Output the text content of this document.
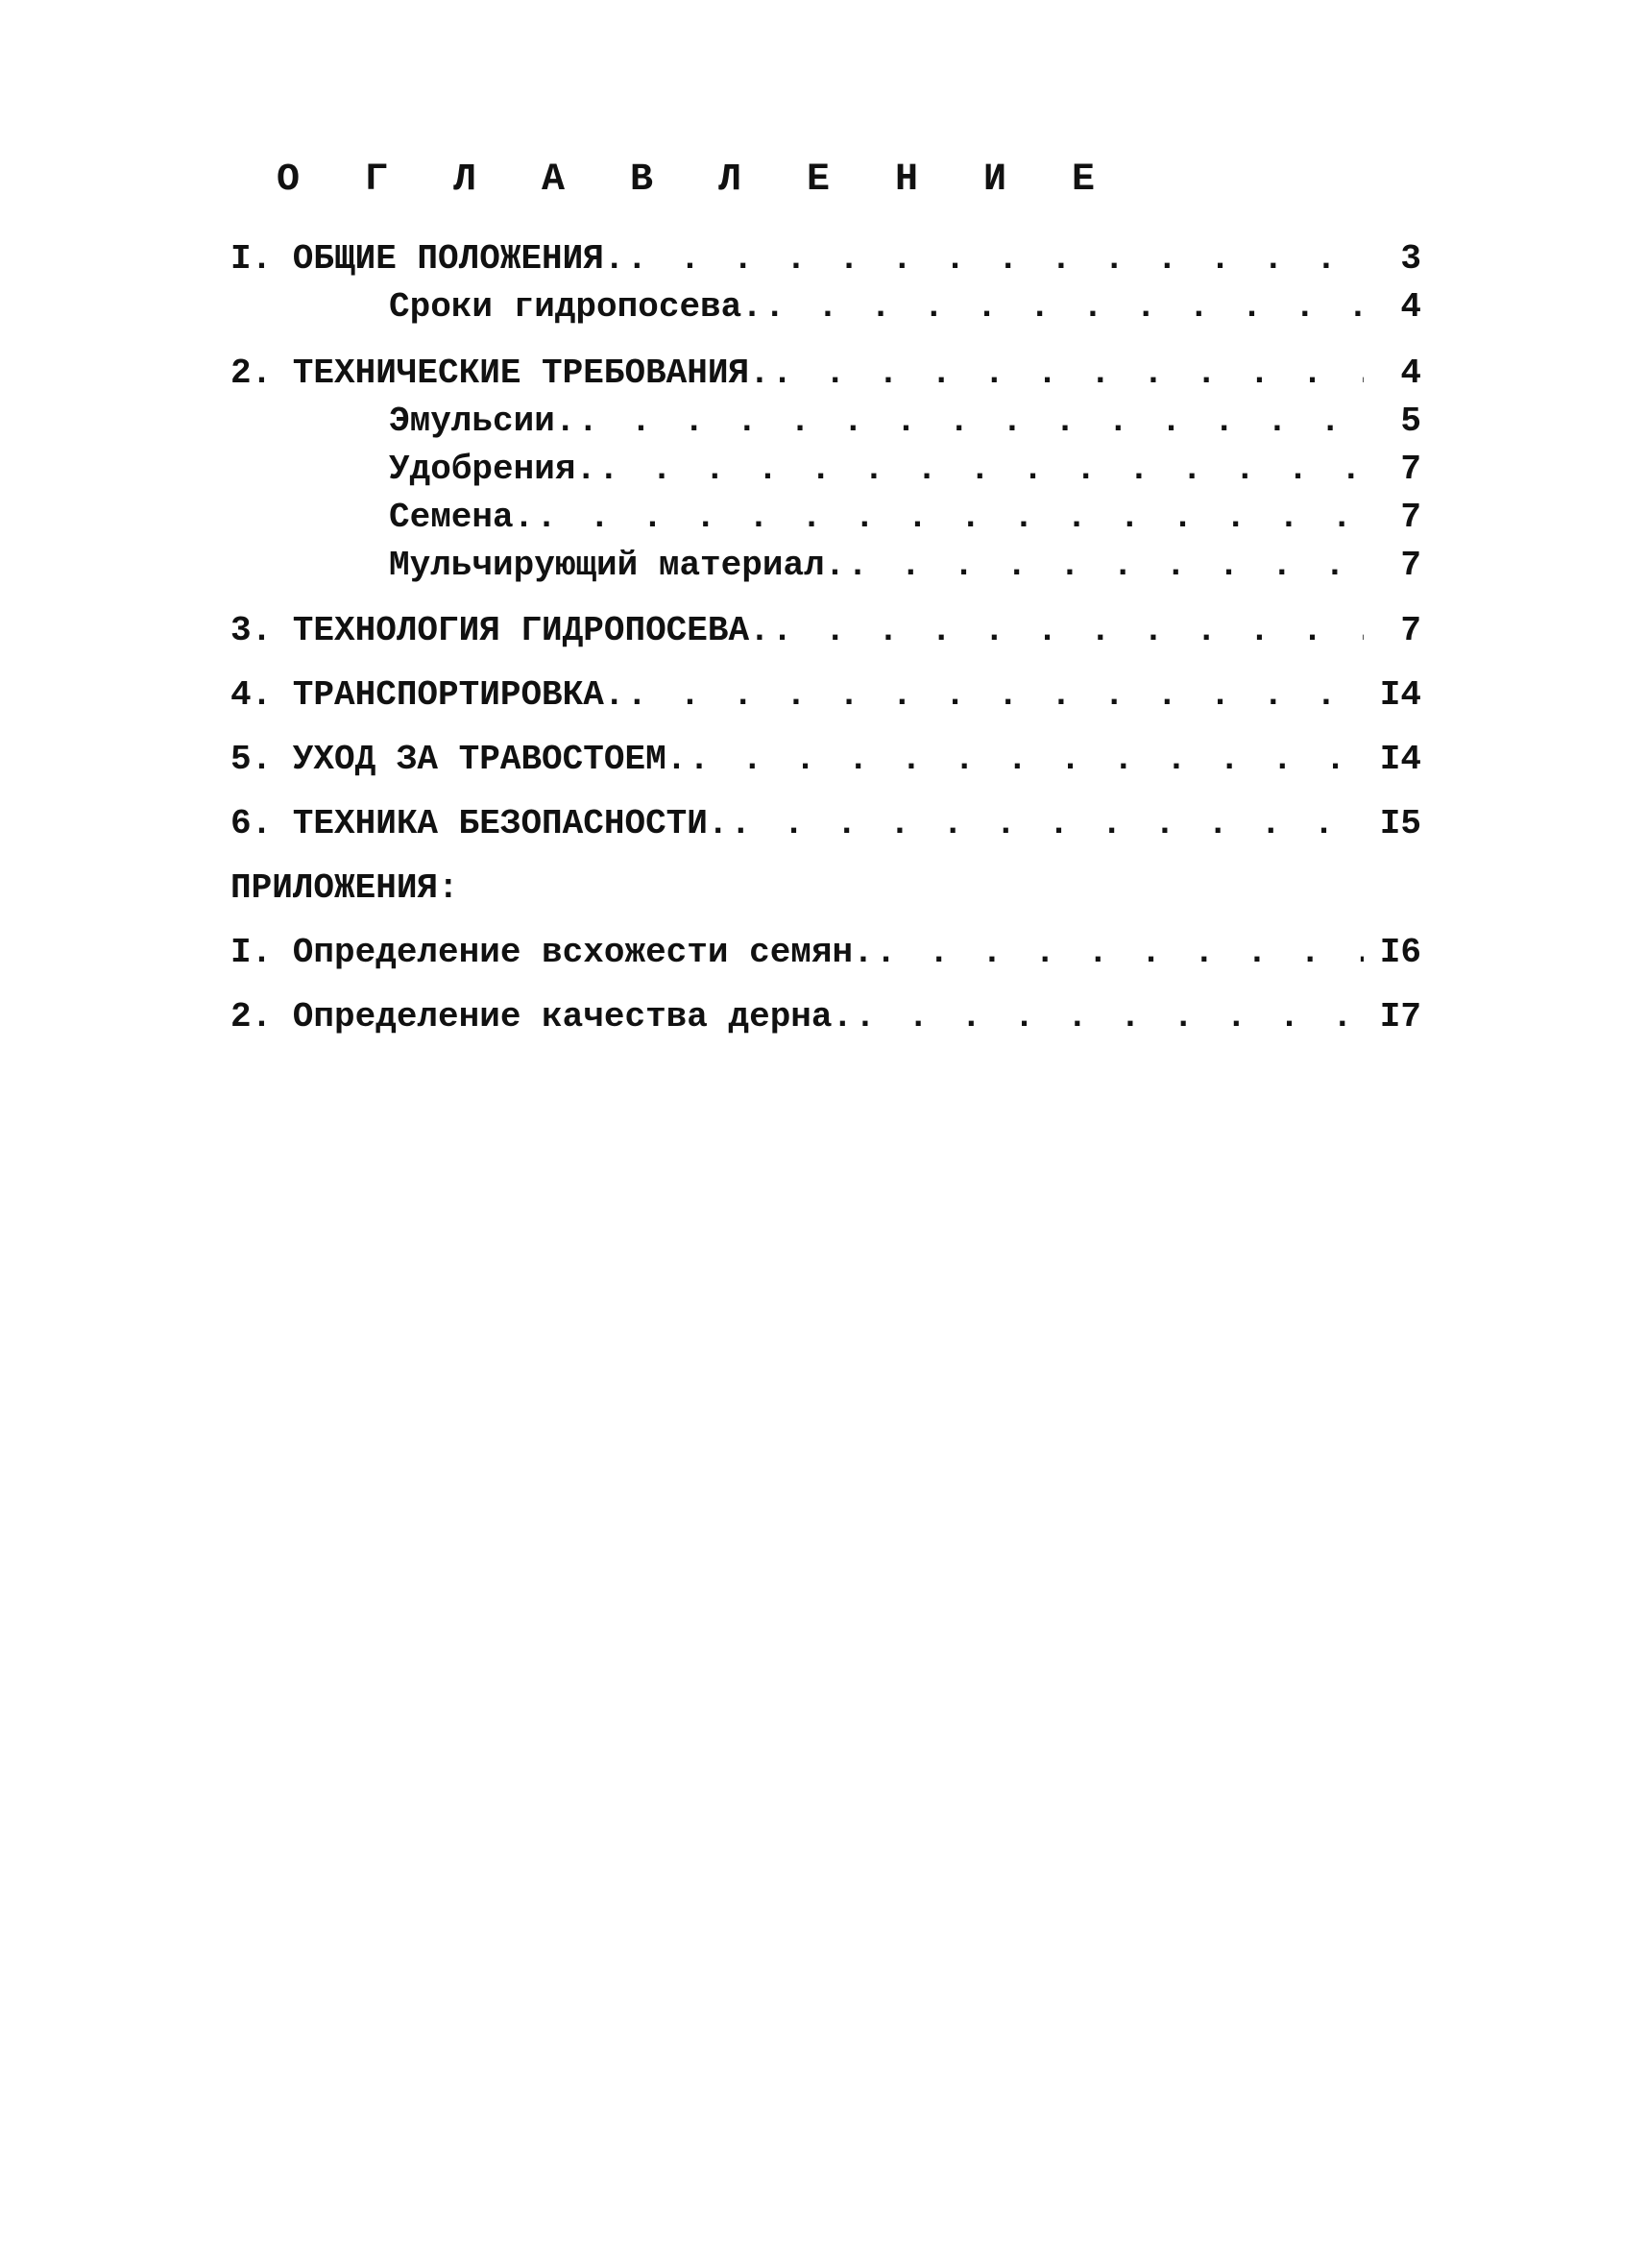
О Г Л А В Л Е Н И Е
I. ОБЩИЕ ПОЛОЖЕНИЯ. . . .	3
Сроки гидропосева. . . .	4
2. ТЕХНИЧЕСКИЕ ТРЕБОВАНИЯ. . . .	4
Эмульсии. . . .	5
Удобрения. . . .	7
Семена. . . .	7
Мульчирующий материал. . . .	7
3. ТЕХНОЛОГИЯ ГИДРОПОСЕВА. . . .	7
4. ТРАНСПОРТИРОВКА. . . .	I4
5. УХОД ЗА ТРАВОСТОЕМ. . . .	I4
6. ТЕХНИКА БЕЗОПАСНОСТИ. . . .	I5
ПРИЛОЖЕНИЯ:
I. Определение всхожести семян. . . .	I6
2. Определение качества дерна. . . .	I7
